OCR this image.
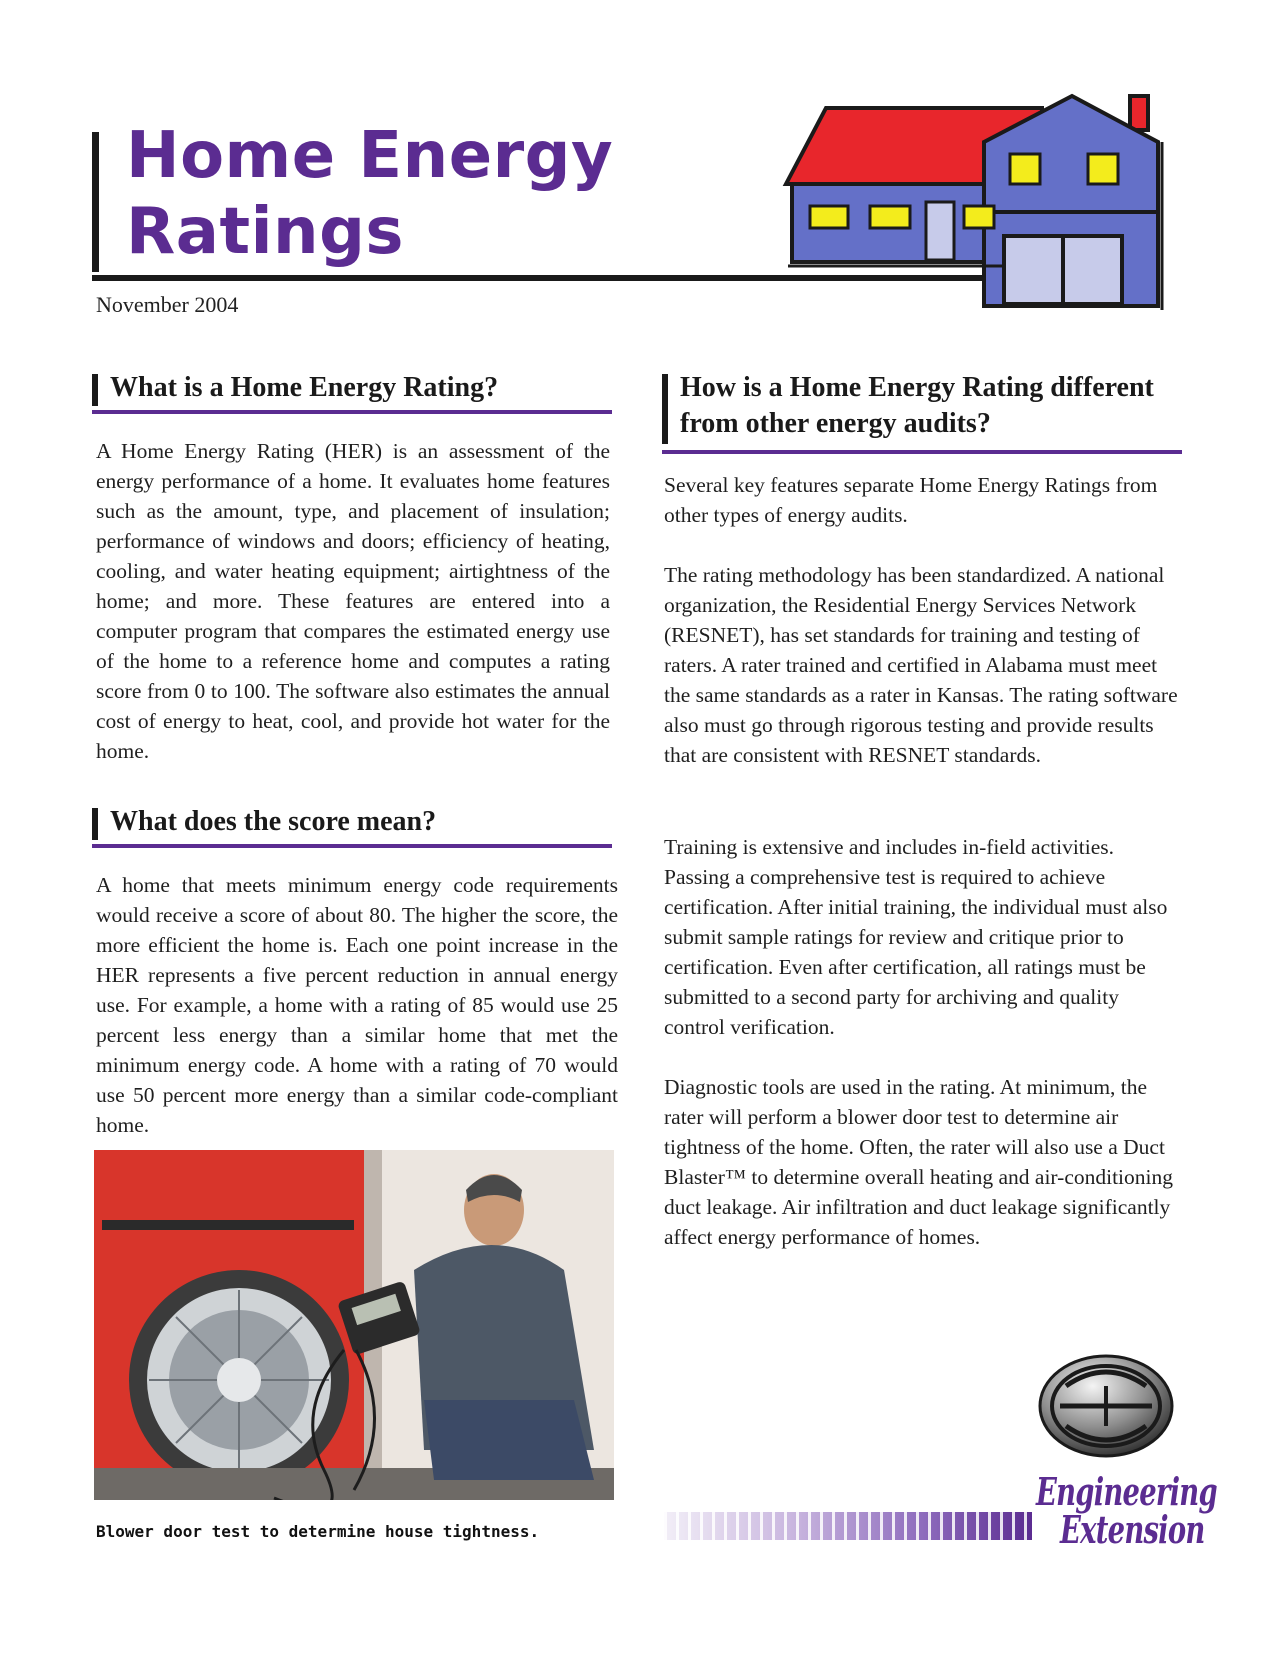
Home Energy
Ratings
November 2004
What is a Home Energy Rating?

A Home Energy Rating (HER) is an assessment of the energy performance of a home. It evaluates home features such as the amount, type, and placement of insulation; performance of windows and doors; efficiency of heating, cooling, and water heating equipment; airtightness of the home; and more. These features are entered into a computer program that compares the estimated energy use of the home to a reference home and computes a rating score from 0 to 100. The software also estimates the annual cost of energy to heat, cool, and provide hot water for the home.

What does the score mean?

A home that meets minimum energy code requirements would receive a score of about 80. The higher the score, the more efficient the home is. Each one point increase in the HER represents a five percent reduction in annual energy use. For example, a home with a rating of 85 would use 25 percent less energy than a similar home that met the minimum energy code. A home with a rating of 70 would use 50 percent more energy than a similar code-compliant home.

Blower door test to determine house tightness.
How is a Home Energy Rating different
from other energy audits?

Several key features separate Home Energy Ratings from other types of energy audits.

The rating methodology has been standardized. A national organization, the Residential Energy Services Network (RESNET), has set standards for training and testing of raters. A rater trained and certified in Alabama must meet the same standards as a rater in Kansas. The rating software also must go through rigorous testing and provide results that are consistent with RESNET standards.

Training is extensive and includes in-field activities. Passing a comprehensive test is required to achieve certification. After initial training, the individual must also submit sample ratings for review and critique prior to certification. Even after certification, all ratings must be submitted to a second party for archiving and quality control verification.

Diagnostic tools are used in the rating. At minimum, the rater will perform a blower door test to determine air tightness of the home. Often, the rater will also use a Duct Blaster™ to determine overall heating and air-conditioning duct leakage. Air infiltration and duct leakage significantly affect energy performance of homes.

Engineering
Extension
